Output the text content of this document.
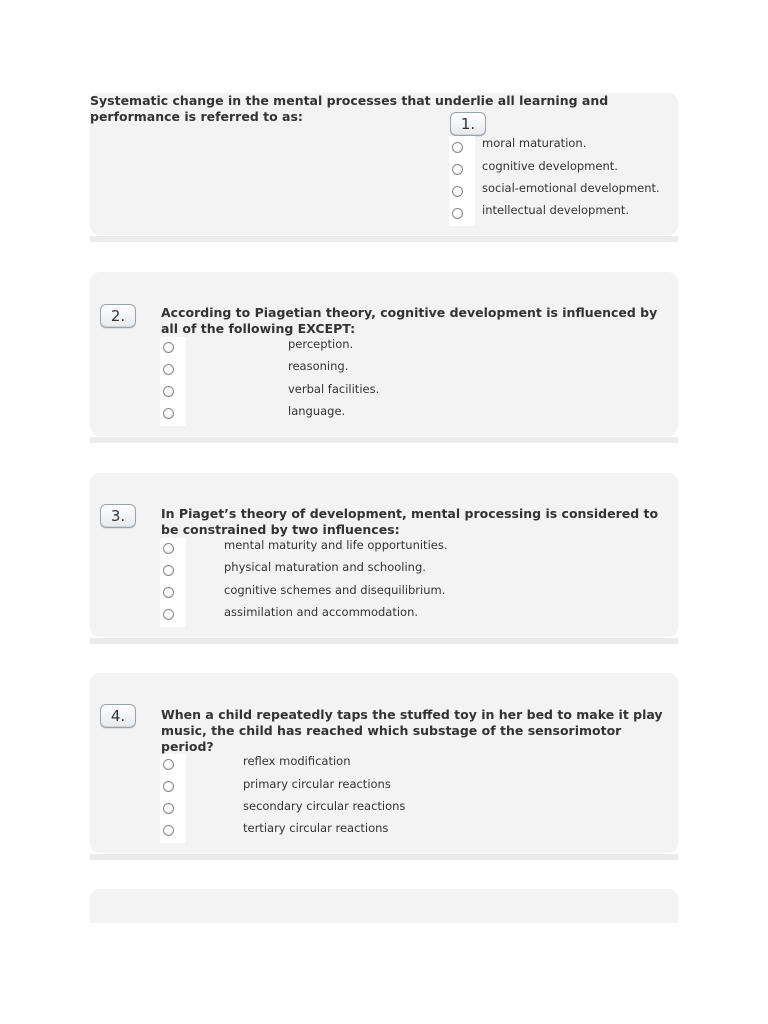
Systematic change in the mental processes that underlie all learning and
performance is referred to as:	1.
moral maturation.
cognitive development.
social-emotional development.
intellectual development.
2.	According to Piagetian theory, cognitive development is influenced by
all of the following EXCEPT:
perception.
reasoning.
verbal facilities.
language.
3.	In Piaget’s theory of development, mental processing is considered to
be constrained by two influences:
mental maturity and life opportunities.
physical maturation and schooling.
cognitive schemes and disequilibrium.
assimilation and accommodation.
4.	When a child repeatedly taps the stuffed toy in her bed to make it play
music, the child has reached which substage of the sensorimotor
period?
reflex modification
primary circular reactions
secondary circular reactions
tertiary circular reactions
